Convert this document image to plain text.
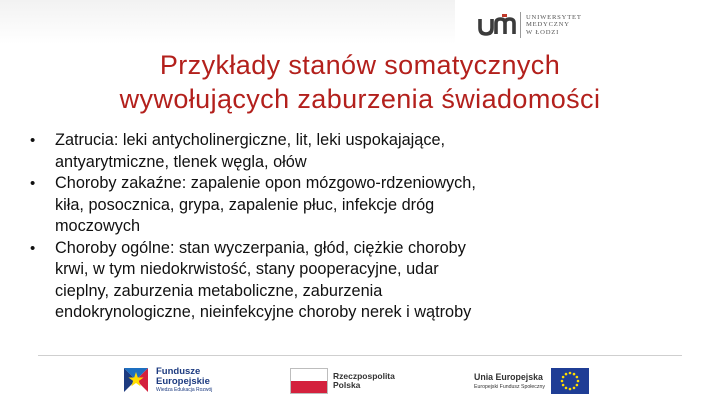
UNIWERSYTET
MEDYCZNY
W ŁODZI
Przykłady stanów somatycznych
wywołujących zaburzenia świadomości
•	Zatrucia: leki antycholinergiczne, lit, leki uspokajające,
antyarytmiczne, tlenek węgla, ołów
•	Choroby zakaźne: zapalenie opon mózgowo-rdzeniowych,
kiła, posocznica, grypa, zapalenie płuc, infekcje dróg
moczowych
•	Choroby ogólne: stan wyczerpania, głód, ciężkie choroby
krwi, w tym niedokrwistość, stany pooperacyjne, udar
cieplny, zaburzenia metaboliczne, zaburzenia
endokrynologiczne, nieinfekcyjne choroby nerek i wątroby
Fundusze
Europejskie
Wiedza Edukacja Rozwój
Rzeczpospolita
Polska
Unia Europejska
Europejski Fundusz Społeczny
